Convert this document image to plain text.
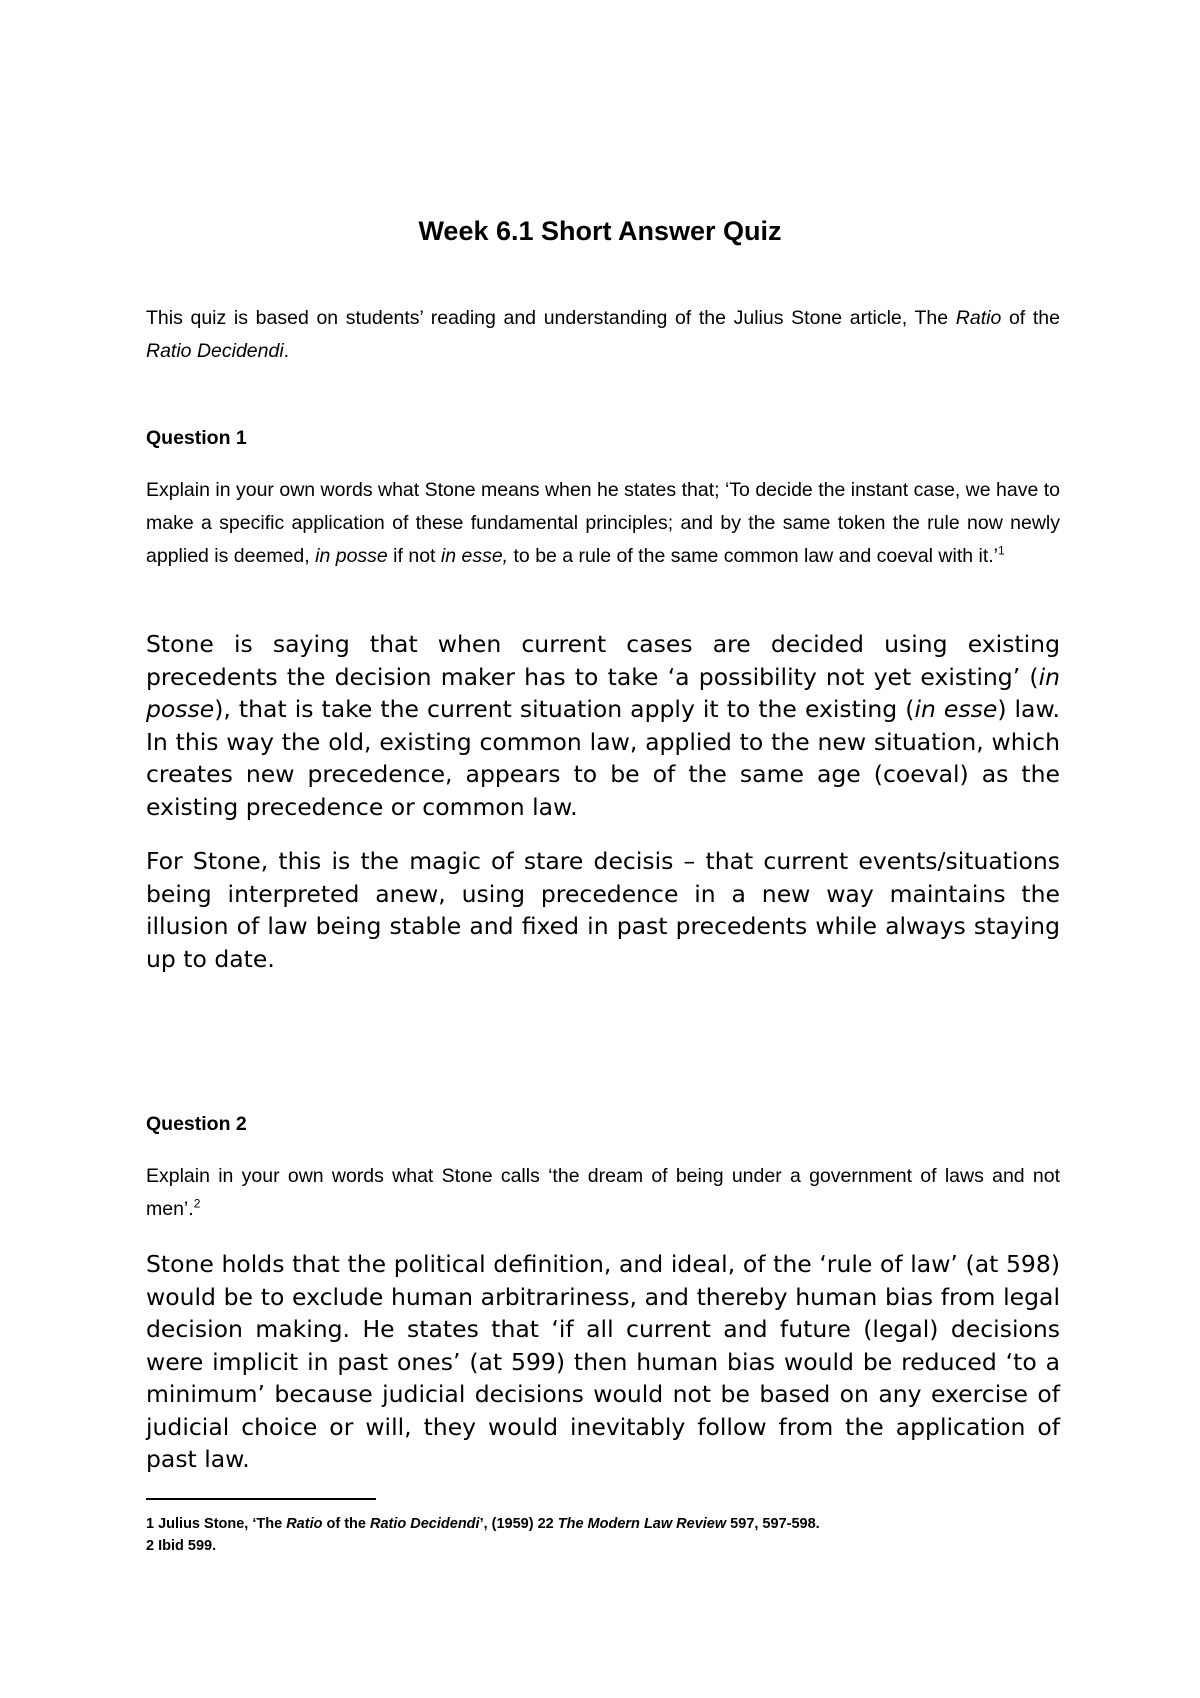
Week 6.1 Short Answer Quiz

This quiz is based on students’ reading and understanding of the Julius Stone article, The Ratio of the Ratio Decidendi.

Question 1

Explain in your own words what Stone means when he states that; ‘To decide the instant case, we have to make a specific application of these fundamental principles; and by the same token the rule now newly applied is deemed, in posse if not in esse, to be a rule of the same common law and coeval with it.’$^1$

Stone is saying that when current cases are decided using existing precedents the decision maker has to take ‘a possibility not yet existing’ (in posse), that is take the current situation apply it to the existing (in esse) law. In this way the old, existing common law, applied to the new situation, which creates new precedence, appears to be of the same age (coeval) as the existing precedence or common law.

For Stone, this is the magic of stare decisis – that current events/situations being interpreted anew, using precedence in a new way maintains the illusion of law being stable and fixed in past precedents while always staying up to date.

Question 2

Explain in your own words what Stone calls ‘the dream of being under a government of laws and not men’.$^2$

Stone holds that the political definition, and ideal, of the ‘rule of law’ (at 598) would be to exclude human arbitrariness, and thereby human bias from legal decision making. He states that ‘if all current and future (legal) decisions were implicit in past ones’ (at 599) then human bias would be reduced ‘to a minimum’ because judicial decisions would not be based on any exercise of judicial choice or will, they would inevitably follow from the application of past law.

1 Julius Stone, ‘The Ratio of the Ratio Decidendi’, (1959) 22 The Modern Law Review 597, 597-598.
2 Ibid 599.
